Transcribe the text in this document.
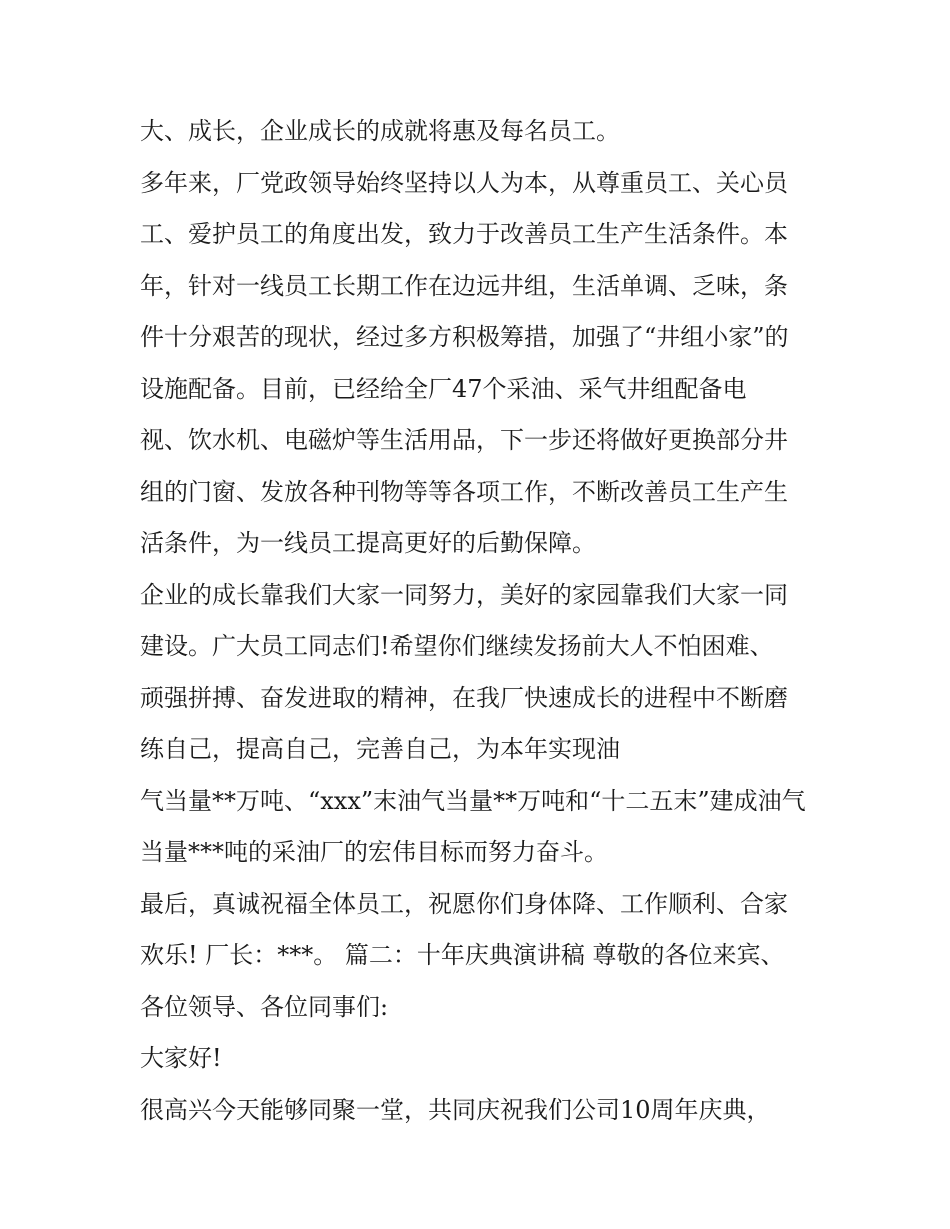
大、成长，企业成长的成就将惠及每名员工。
多年来，厂党政领导始终坚持以人为本，从尊重员工、关心员
工、爱护员工的角度出发，致力于改善员工生产生活条件。本
年，针对一线员工长期工作在边远井组，生活单调、乏味，条
件十分艰苦的现状，经过多方积极筹措，加强了“井组小家”的
设施配备。目前，已经给全厂47个采油、采气井组配备电
视、饮水机、电磁炉等生活用品，下一步还将做好更换部分井
组的门窗、发放各种刊物等等各项工作，不断改善员工生产生
活条件，为一线员工提高更好的后勤保障。
企业的成长靠我们大家一同努力，美好的家园靠我们大家一同
建设。广大员工同志们!希望你们继续发扬前大人不怕困难、
顽强拼搏、奋发进取的精神，在我厂快速成长的进程中不断磨
练自己，提高自己，完善自己，为本年实现油
气当量**万吨、“xxx”末油气当量**万吨和“十二五末”建成油气
当量***吨的采油厂的宏伟目标而努力奋斗。
最后，真诚祝福全体员工，祝愿你们身体降、工作顺利、合家
欢乐! 厂长：***。 篇二：十年庆典演讲稿 尊敬的各位来宾、
各位领导、各位同事们:
大家好!
很高兴今天能够同聚一堂，共同庆祝我们公司10周年庆典，
